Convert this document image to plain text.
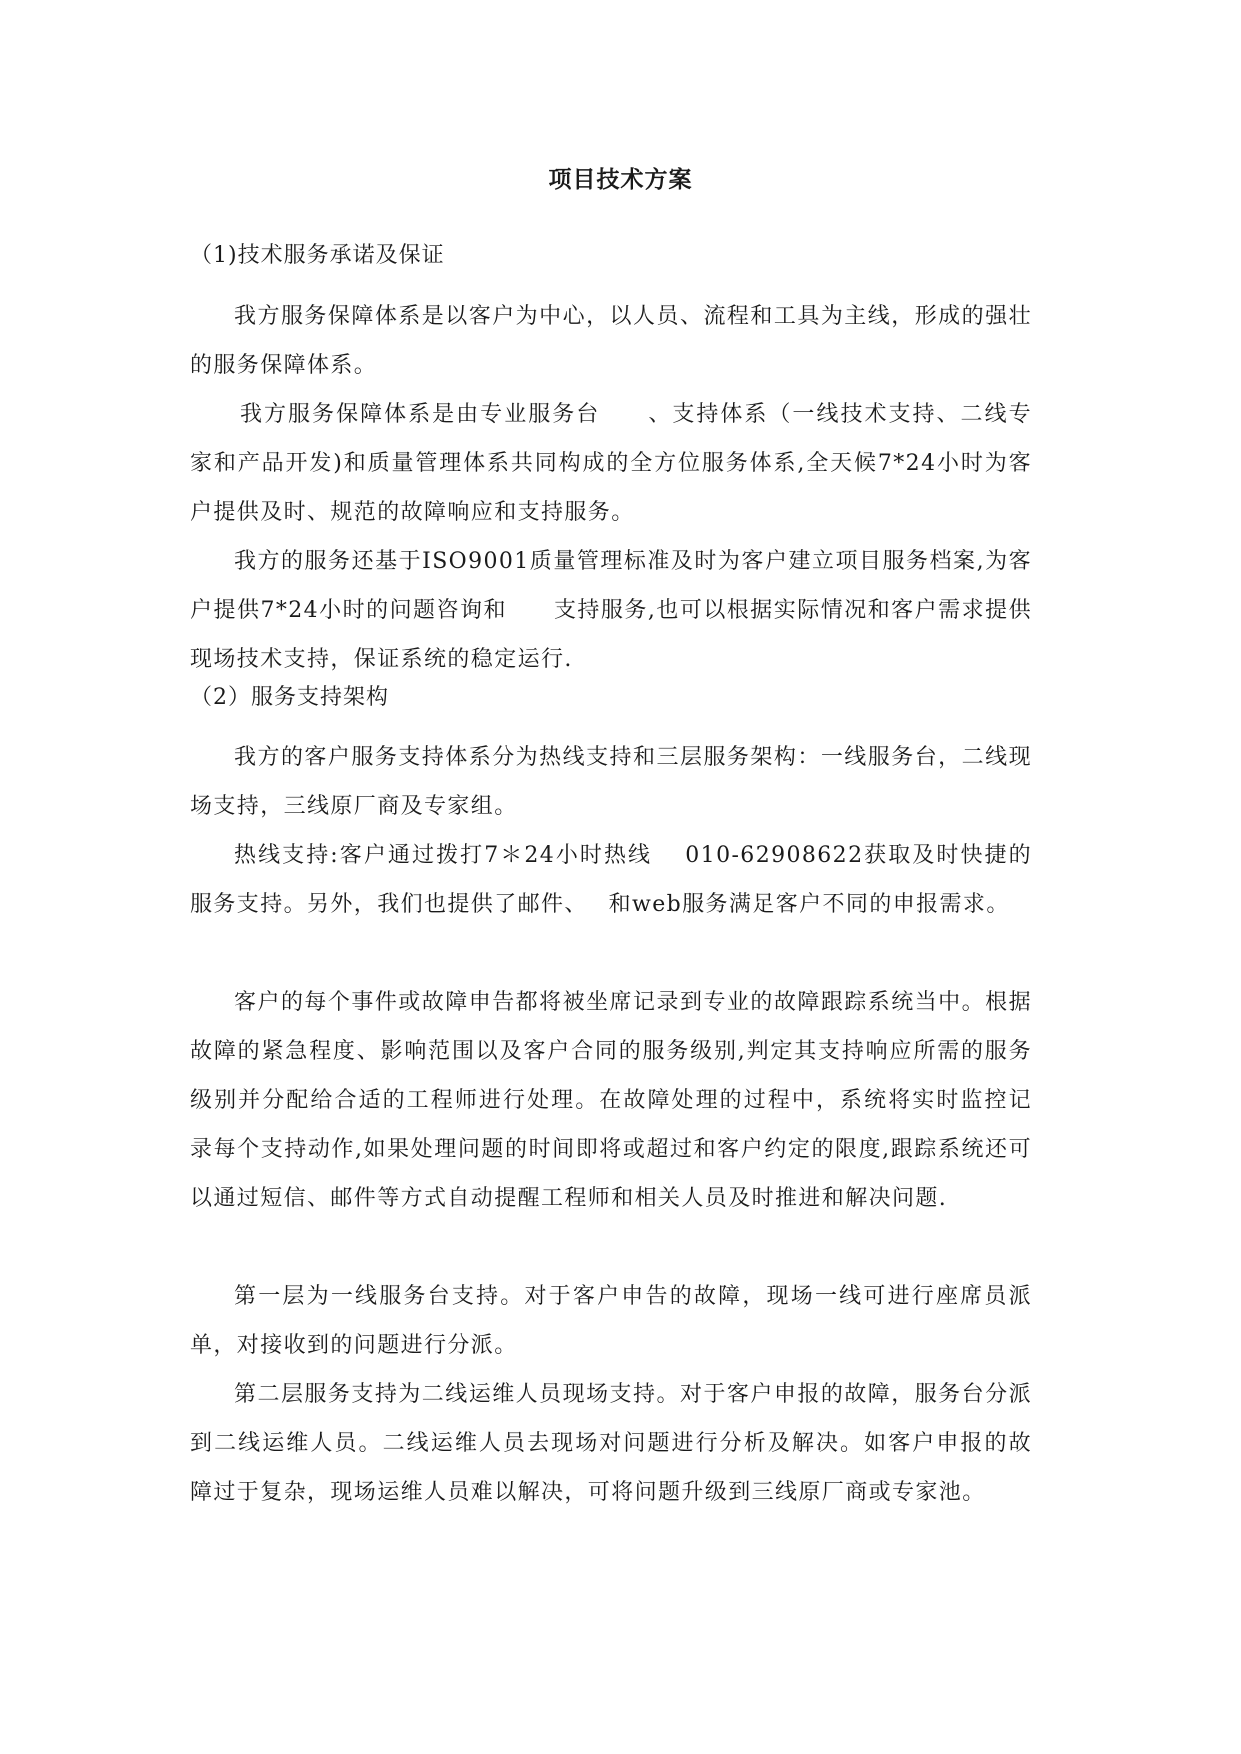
项目技术方案
（1)技术服务承诺及保证

我方服务保障体系是以客户为中心，以人员、流程和工具为主线，形成的强壮的服务保障体系。

我方服务保障体系是由专业服务台　　、支持体系（一线技术支持、二线专家和产品开发)和质量管理体系共同构成的全方位服务体系,全天候7*24小时为客户提供及时、规范的故障响应和支持服务。

我方的服务还基于ISO9001质量管理标准及时为客户建立项目服务档案,为客户提供7*24小时的问题咨询和　　支持服务,也可以根据实际情况和客户需求提供现场技术支持，保证系统的稳定运行.

（2）服务支持架构

我方的客户服务支持体系分为热线支持和三层服务架构：一线服务台，二线现场支持，三线原厂商及专家组。

热线支持:客户通过拨打7＊24小时热线　 010-62908622获取及时快捷的服务支持。另外，我们也提供了邮件、　 和web服务满足客户不同的申报需求。

客户的每个事件或故障申告都将被坐席记录到专业的故障跟踪系统当中。根据故障的紧急程度、影响范围以及客户合同的服务级别,判定其支持响应所需的服务级别并分配给合适的工程师进行处理。在故障处理的过程中，系统将实时监控记录每个支持动作,如果处理问题的时间即将或超过和客户约定的限度,跟踪系统还可以通过短信、邮件等方式自动提醒工程师和相关人员及时推进和解决问题.

第一层为一线服务台支持。对于客户申告的故障，现场一线可进行座席员派单，对接收到的问题进行分派。

第二层服务支持为二线运维人员现场支持。对于客户申报的故障，服务台分派到二线运维人员。二线运维人员去现场对问题进行分析及解决。如客户申报的故障过于复杂，现场运维人员难以解决，可将问题升级到三线原厂商或专家池。
